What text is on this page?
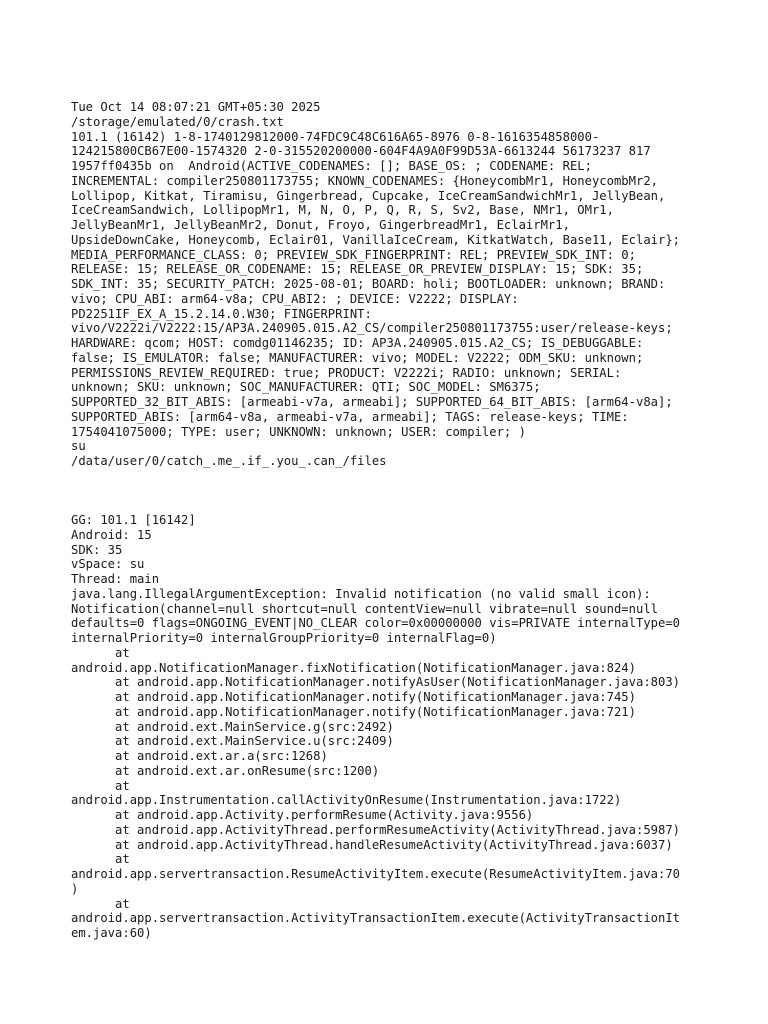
Tue Oct 14 08:07:21 GMT+05:30 2025
/storage/emulated/0/crash.txt
101.1 (16142) 1-8-1740129812000-74FDC9C48C616A65-8976 0-8-1616354858000-
124215800CB67E00-1574320 2-0-315520200000-604F4A9A0F99D53A-6613244 56173237 817
1957ff0435b on  Android(ACTIVE_CODENAMES: []; BASE_OS: ; CODENAME: REL;
INCREMENTAL: compiler250801173755; KNOWN_CODENAMES: {HoneycombMr1, HoneycombMr2,
Lollipop, Kitkat, Tiramisu, Gingerbread, Cupcake, IceCreamSandwichMr1, JellyBean,
IceCreamSandwich, LollipopMr1, M, N, O, P, Q, R, S, Sv2, Base, NMr1, OMr1,
JellyBeanMr1, JellyBeanMr2, Donut, Froyo, GingerbreadMr1, EclairMr1,
UpsideDownCake, Honeycomb, Eclair01, VanillaIceCream, KitkatWatch, Base11, Eclair};
MEDIA_PERFORMANCE_CLASS: 0; PREVIEW_SDK_FINGERPRINT: REL; PREVIEW_SDK_INT: 0;
RELEASE: 15; RELEASE_OR_CODENAME: 15; RELEASE_OR_PREVIEW_DISPLAY: 15; SDK: 35;
SDK_INT: 35; SECURITY_PATCH: 2025-08-01; BOARD: holi; BOOTLOADER: unknown; BRAND:
vivo; CPU_ABI: arm64-v8a; CPU_ABI2: ; DEVICE: V2222; DISPLAY:
PD2251IF_EX_A_15.2.14.0.W30; FINGERPRINT:
vivo/V2222i/V2222:15/AP3A.240905.015.A2_CS/compiler250801173755:user/release-keys;
HARDWARE: qcom; HOST: comdg01146235; ID: AP3A.240905.015.A2_CS; IS_DEBUGGABLE:
false; IS_EMULATOR: false; MANUFACTURER: vivo; MODEL: V2222; ODM_SKU: unknown;
PERMISSIONS_REVIEW_REQUIRED: true; PRODUCT: V2222i; RADIO: unknown; SERIAL:
unknown; SKU: unknown; SOC_MANUFACTURER: QTI; SOC_MODEL: SM6375;
SUPPORTED_32_BIT_ABIS: [armeabi-v7a, armeabi]; SUPPORTED_64_BIT_ABIS: [arm64-v8a];
SUPPORTED_ABIS: [arm64-v8a, armeabi-v7a, armeabi]; TAGS: release-keys; TIME:
1754041075000; TYPE: user; UNKNOWN: unknown; USER: compiler; )
su
/data/user/0/catch_.me_.if_.you_.can_/files
GG: 101.1 [16142]
Android: 15
SDK: 35
vSpace: su
Thread: main
java.lang.IllegalArgumentException: Invalid notification (no valid small icon):
Notification(channel=null shortcut=null contentView=null vibrate=null sound=null
defaults=0 flags=ONGOING_EVENT|NO_CLEAR color=0x00000000 vis=PRIVATE internalType=0
internalPriority=0 internalGroupPriority=0 internalFlag=0)
at
android.app.NotificationManager.fixNotification(NotificationManager.java:824)
at android.app.NotificationManager.notifyAsUser(NotificationManager.java:803)
at android.app.NotificationManager.notify(NotificationManager.java:745)
at android.app.NotificationManager.notify(NotificationManager.java:721)
at android.ext.MainService.g(src:2492)
at android.ext.MainService.u(src:2409)
at android.ext.ar.a(src:1268)
at android.ext.ar.onResume(src:1200)
at
android.app.Instrumentation.callActivityOnResume(Instrumentation.java:1722)
at android.app.Activity.performResume(Activity.java:9556)
at android.app.ActivityThread.performResumeActivity(ActivityThread.java:5987)
at android.app.ActivityThread.handleResumeActivity(ActivityThread.java:6037)
at
android.app.servertransaction.ResumeActivityItem.execute(ResumeActivityItem.java:70
)
at
android.app.servertransaction.ActivityTransactionItem.execute(ActivityTransactionIt
em.java:60)
